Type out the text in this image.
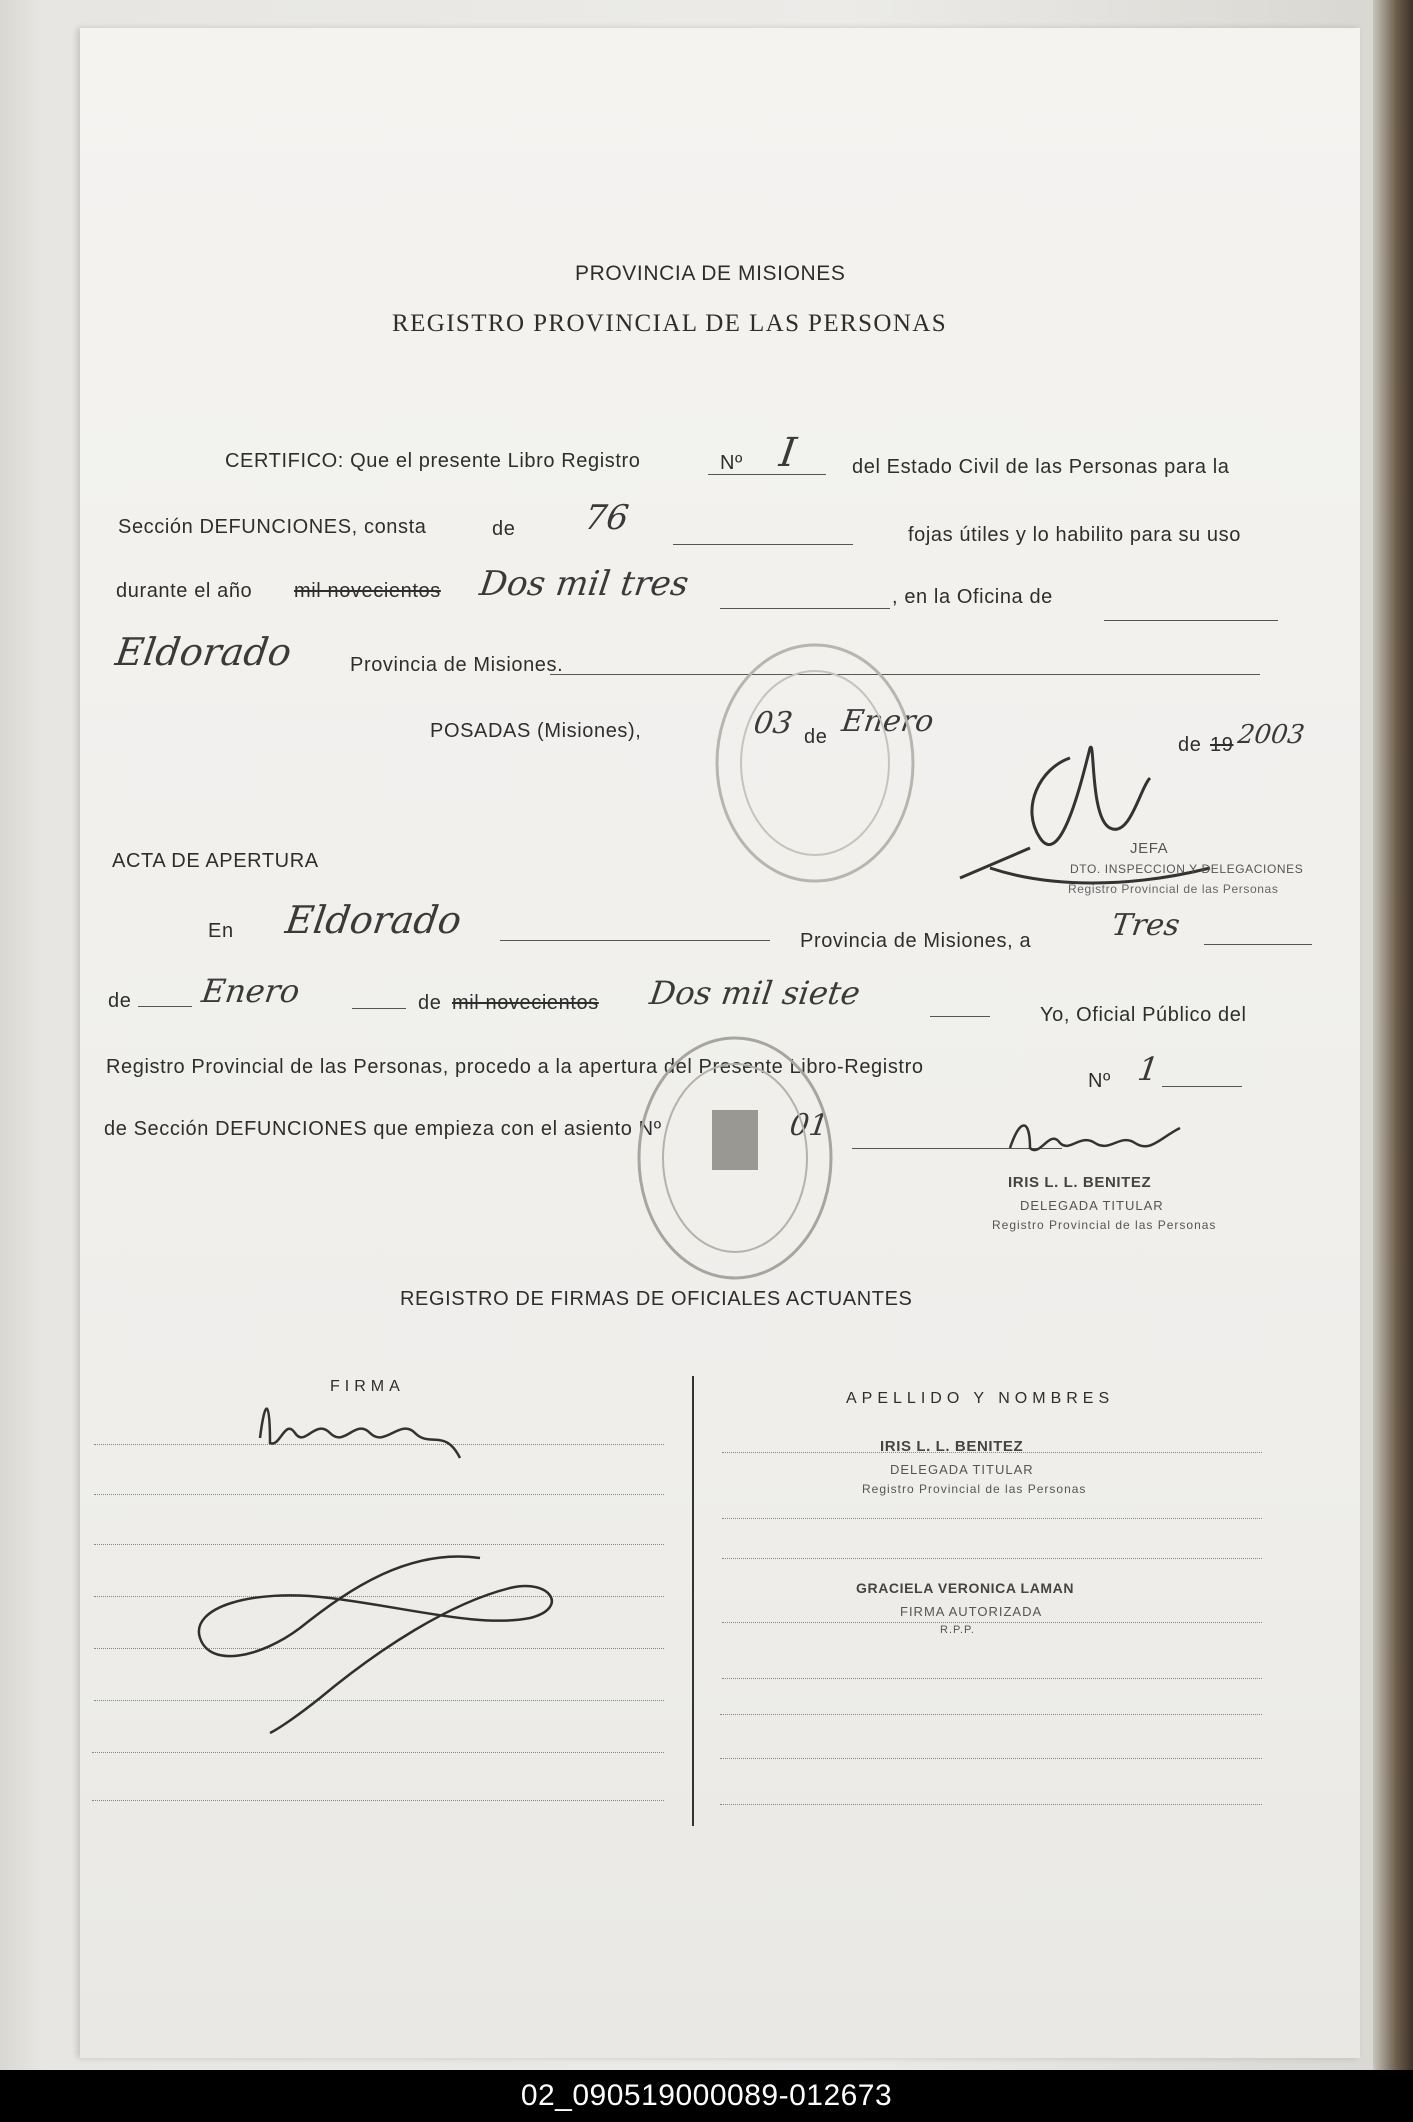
PROVINCIA DE MISIONES
REGISTRO PROVINCIAL DE LAS PERSONAS
CERTIFICO: Que el presente Libro Registro	Nº I	del Estado Civil de las Personas para la
Sección DEFUNCIONES, consta	de 76	fojas útiles y lo habilito para su uso
durante el año mil novecientos Dos mil tres	, en la Oficina de
Eldorado	Provincia de Misiones.
POSADAS (Misiones),	03 de Enero
de 19 2003
JEFA
DTO. INSPECCION Y DELEGACIONES
Registro Provincial de las Personas
ACTA DE APERTURA
En Eldorado	Provincia de Misiones, a	Tres
de Enero	de mil novecientos Dos mil siete
Yo, Oficial Público del
Registro Provincial de las Personas, procedo a la apertura del Presente Libro-Registro
Nº 1
de Sección DEFUNCIONES que empieza con el asiento Nº	01
IRIS L. L. BENITEZ
DELEGADA TITULAR
Registro Provincial de las Personas
REGISTRO DE FIRMAS DE OFICIALES ACTUANTES
FIRMA
APELLIDO Y NOMBRES
IRIS L. L. BENITEZ
DELEGADA TITULAR
Registro Provincial de las Personas
GRACIELA VERONICA LAMAN
FIRMA AUTORIZADA
R.P.P.
02_090519000089-012673
